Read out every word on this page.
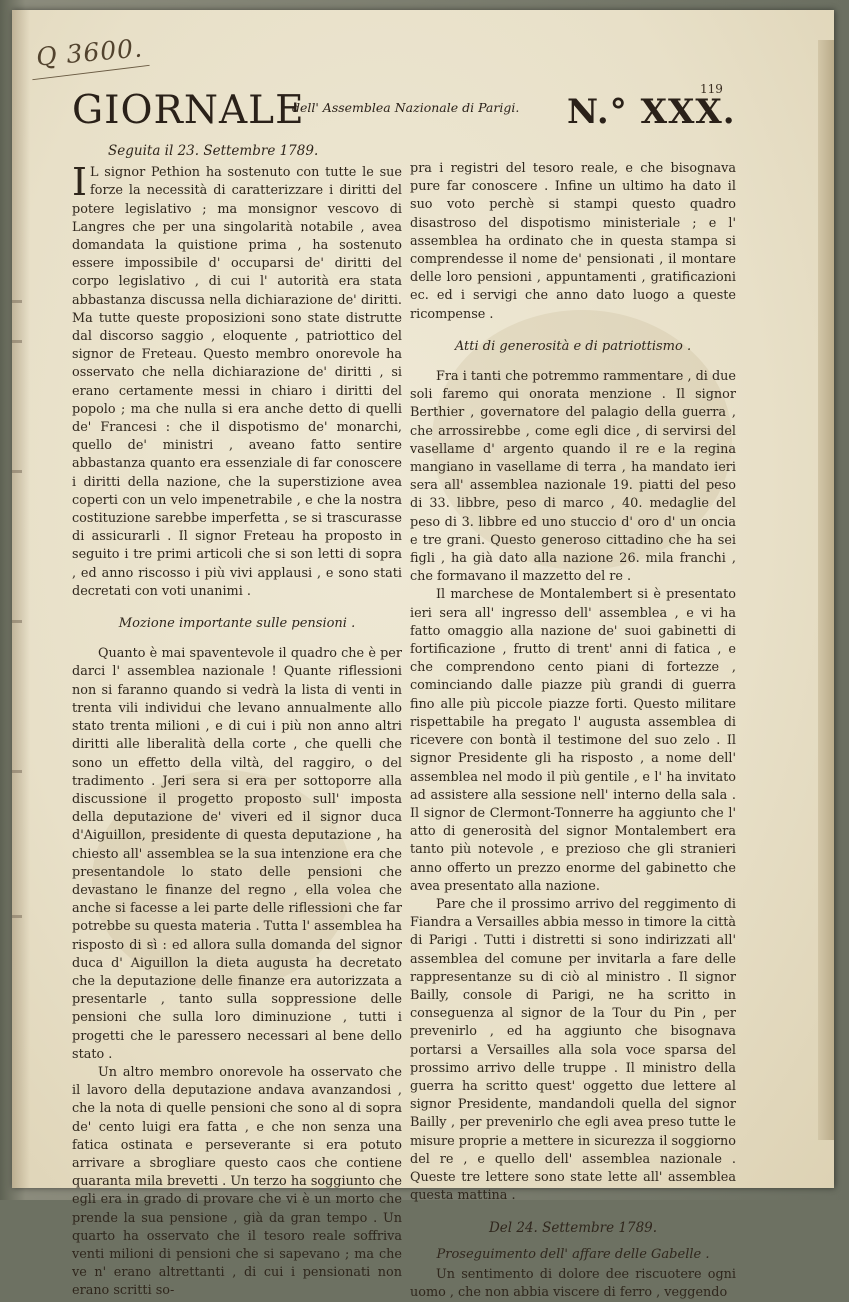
Q 3600.
119
GIORNALE
dell' Assemblea Nazionale di Parigi. N.° XXX.

Seguita il 23. Settembre 1789.

IL signor Pethion ha sostenuto con tutte le sue forze la necessità di caratterizzare i diritti del potere legislativo ; ma monsignor vescovo di Langres che per una singolarità notabile , avea domandata la quistione prima , ha sostenuto essere impossibile d' occuparsi de' diritti del corpo legislativo , di cui l' autorità era stata abbastanza discussa nella dichiarazione de' diritti. Ma tutte queste proposizioni sono state distrutte dal discorso saggio , eloquente , patriottico del signor de Freteau. Questo membro onorevole ha osservato che nella dichiarazione de' diritti , si erano certamente messi in chiaro i diritti del popolo ; ma che nulla si era anche detto di quelli de' Francesi : che il dispotismo de' monarchi, quello de' ministri , aveano fatto sentire abbastanza quanto era essenziale di far conoscere i diritti della nazione, che la superstizione avea coperti con un velo impenetrabile , e che la nostra costituzione sarebbe imperfetta , se si trascurasse di assicurarli . Il signor Freteau ha proposto in seguito i tre primi articoli che si son letti di sopra , ed anno riscosso i più vivi applausi , e sono stati decretati con voti unanimi .

Mozione importante sulle pensioni .

Quanto è mai spaventevole il quadro che è per darci l' assemblea nazionale ! Quante riflessioni non si faranno quando si vedrà la lista di venti in trenta vili individui che levano annualmente allo stato trenta milioni , e di cui i più non anno altri diritti alle liberalità della corte , che quelli che sono un effetto della viltà, del raggiro, o del tradimento . Jeri sera si era per sottoporre alla discussione il progetto proposto sull' imposta della deputazione de' viveri ed il signor duca d'Aiguillon, presidente di questa deputazione , ha chiesto all' assemblea se la sua intenzione era che presentandole lo stato delle pensioni che devastano le finanze del regno , ella volea che anche si facesse a lei parte delle riflessioni che far potrebbe su questa materia . Tutta l' assemblea ha risposto di sì : ed allora sulla domanda del signor duca d' Aiguillon la dieta augusta ha decretato che la deputazione delle finanze era autorizzata a presentarle , tanto sulla soppressione delle pensioni che sulla loro diminuzione , tutti i progetti che le paressero necessari al bene dello stato .

Un altro membro onorevole ha osservato che il lavoro della deputazione andava avanzandosi , che la nota di quelle pensioni che sono al di sopra de' cento luigi era fatta , e che non senza una fatica ostinata e perseverante si era potuto arrivare a sbrogliare questo caos che contiene quaranta mila brevetti . Un terzo ha soggiunto che egli era in grado di provare che vi è un morto che prende la sua pensione , già da gran tempo . Un quarto ha osservato che il tesoro reale soffriva venti milioni di pensioni che si sapevano ; ma che ve n' erano altrettanti , di cui i pensionati non erano scritti so-

pra i registri del tesoro reale, e che bisognava pure far conoscere . Infine un ultimo ha dato il suo voto perchè si stampi questo quadro disastroso del dispotismo ministeriale ; e l' assemblea ha ordinato che in questa stampa si comprendesse il nome de' pensionati , il montare delle loro pensioni , appuntamenti , gratificazioni ec. ed i servigi che anno dato luogo a queste ricompense .

Atti di generosità e di patriottismo .

Fra i tanti che potremmo rammentare , di due soli faremo qui onorata menzione . Il signor Berthier , governatore del palagio della guerra , che arrossirebbe , come egli dice , di servirsi del vasellame d' argento quando il re e la regina mangiano in vasellame di terra , ha mandato ieri sera all' assemblea nazionale 19. piatti del peso di 33. libbre, peso di marco , 40. medaglie del peso di 3. libbre ed uno stuccio d' oro d' un oncia e tre grani. Questo generoso cittadino che ha sei figli , ha già dato alla nazione 26. mila franchi , che formavano il mazzetto del re .

Il marchese de Montalembert si è presentato ieri sera all' ingresso dell' assemblea , e vi ha fatto omaggio alla nazione de' suoi gabinetti di fortificazione , frutto di trent' anni di fatica , e che comprendono cento piani di fortezze , cominciando dalle piazze più grandi di guerra fino alle più piccole piazze forti. Questo militare rispettabile ha pregato l' augusta assemblea di ricevere con bontà il testimone del suo zelo . Il signor Presidente gli ha risposto , a nome dell' assemblea nel modo il più gentile , e l' ha invitato ad assistere alla sessione nell' interno della sala . Il signor de Clermont-Tonnerre ha aggiunto che l' atto di generosità del signor Montalembert era tanto più notevole , e prezioso che gli stranieri anno offerto un prezzo enorme del gabinetto che avea presentato alla nazione.

Pare che il prossimo arrivo del reggimento di Fiandra a Versailles abbia messo in timore la città di Parigi . Tutti i distretti si sono indirizzati all' assemblea del comune per invitarla a fare delle rappresentanze su di ciò al ministro . Il signor Bailly, console di Parigi, ne ha scritto in conseguenza al signor de la Tour du Pin , per prevenirlo , ed ha aggiunto che bisognava portarsi a Versailles alla sola voce sparsa del prossimo arrivo delle truppe . Il ministro della guerra ha scritto quest' oggetto due lettere al signor Presidente, mandandoli quella del signor Bailly , per prevenirlo che egli avea preso tutte le misure proprie a mettere in sicurezza il soggiorno del re , e quello dell' assemblea nazionale . Queste tre lettere sono state lette all' assemblea questa mattina .

Del 24. Settembre 1789.

Proseguimento dell' affare delle Gabelle .

Un sentimento di dolore dee riscuotere ogni uomo , che non abbia viscere di ferro , veggendo
